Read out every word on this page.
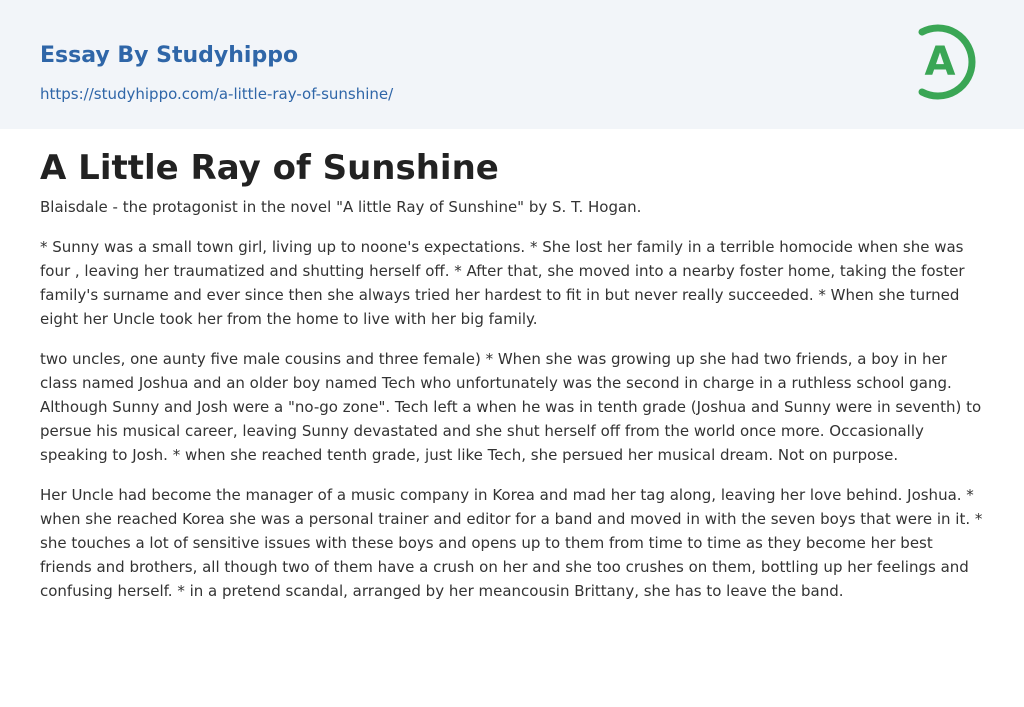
Essay By Studyhippo
https://studyhippo.com/a-little-ray-of-sunshine/
A
A Little Ray of Sunshine

Blaisdale - the protagonist in the novel "A little Ray of Sunshine" by S. T. Hogan.

* Sunny was a small town girl, living up to noone's expectations. * She lost her family in a terrible homocide when she was four , leaving her traumatized and shutting herself off. * After that, she moved into a nearby foster home, taking the foster family's surname and ever since then she always tried her hardest to fit in but never really succeeded. * When she turned eight her Uncle took her from the home to live with her big family.

two uncles, one aunty five male cousins and three female) * When she was growing up she had two friends, a boy in her class named Joshua and an older boy named Tech who unfortunately was the second in charge in a ruthless school gang. Although Sunny and Josh were a "no-go zone". Tech left a when he was in tenth grade (Joshua and Sunny were in seventh) to persue his musical career, leaving Sunny devastated and she shut herself off from the world once more. Occasionally speaking to Josh. * when she reached tenth grade, just like Tech, she persued her musical dream. Not on purpose.

Her Uncle had become the manager of a music company in Korea and mad her tag along, leaving her love behind. Joshua. * when she reached Korea she was a personal trainer and editor for a band and moved in with the seven boys that were in it. * she touches a lot of sensitive issues with these boys and opens up to them from time to time as they become her best friends and brothers, all though two of them have a crush on her and she too crushes on them, bottling up her feelings and confusing herself. * in a pretend scandal, arranged by her meancousin Brittany, she has to leave the band.
